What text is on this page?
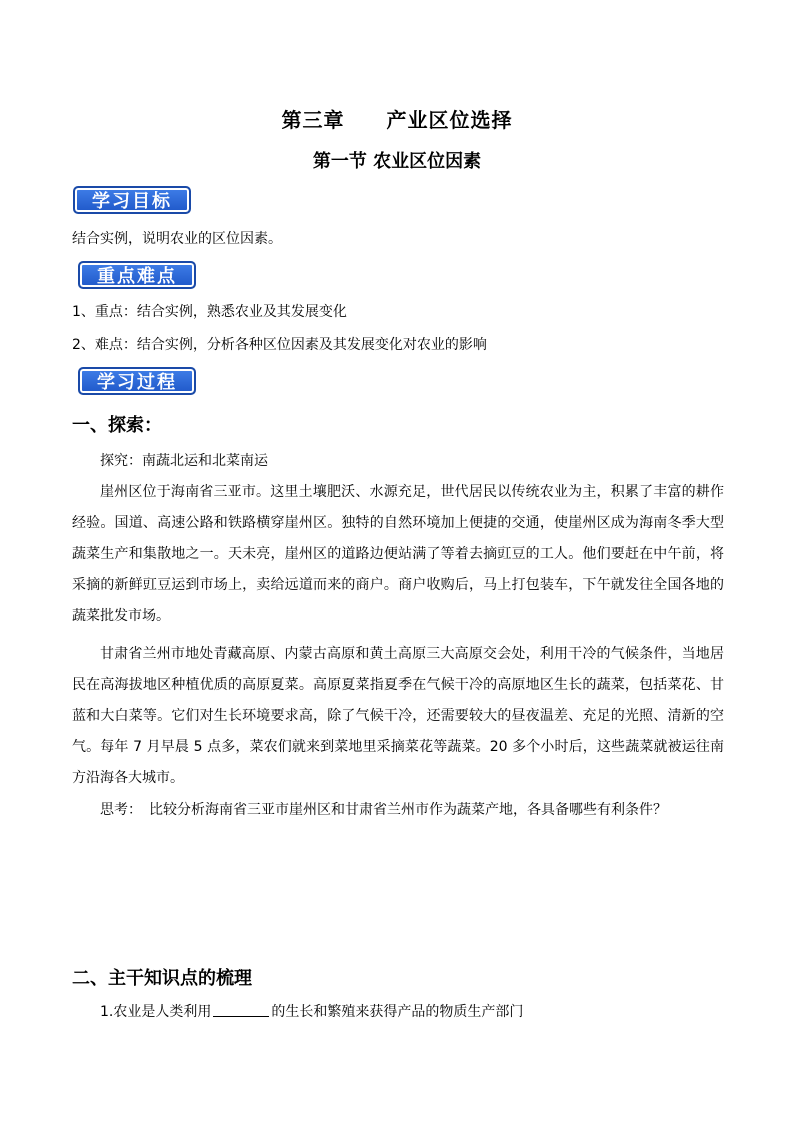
第三章　　产业区位选择
第一节 农业区位因素
学习目标
结合实例，说明农业的区位因素。
重点难点
1、重点：结合实例，熟悉农业及其发展变化
2、难点：结合实例，分析各种区位因素及其发展变化对农业的影响
学习过程
一、探索：
探究：南蔬北运和北菜南运
崖州区位于海南省三亚市。这里土壤肥沃、水源充足，世代居民以传统农业为主，积累了丰富的耕作经验。国道、高速公路和铁路横穿崖州区。独特的自然环境加上便捷的交通，使崖州区成为海南冬季大型蔬菜生产和集散地之一。天未亮，崖州区的道路边便站满了等着去摘豇豆的工人。他们要赶在中午前，将采摘的新鲜豇豆运到市场上，卖给远道而来的商户。商户收购后，马上打包装车，下午就发往全国各地的蔬菜批发市场。
甘肃省兰州市地处青藏高原、内蒙古高原和黄土高原三大高原交会处，利用干冷的气候条件，当地居民在高海拔地区种植优质的高原夏菜。高原夏菜指夏季在气候干冷的高原地区生长的蔬菜，包括菜花、甘蓝和大白菜等。它们对生长环境要求高，除了气候干冷，还需要较大的昼夜温差、充足的光照、清新的空气。每年 7 月早晨 5 点多，菜农们就来到菜地里采摘菜花等蔬菜。20 多个小时后，这些蔬菜就被运往南方沿海各大城市。
思考：　比较分析海南省三亚市崖州区和甘肃省兰州市作为蔬菜产地，各具备哪些有利条件？
二、主干知识点的梳理
1.农业是人类利用	的生长和繁殖来获得产品的物质生产部门
